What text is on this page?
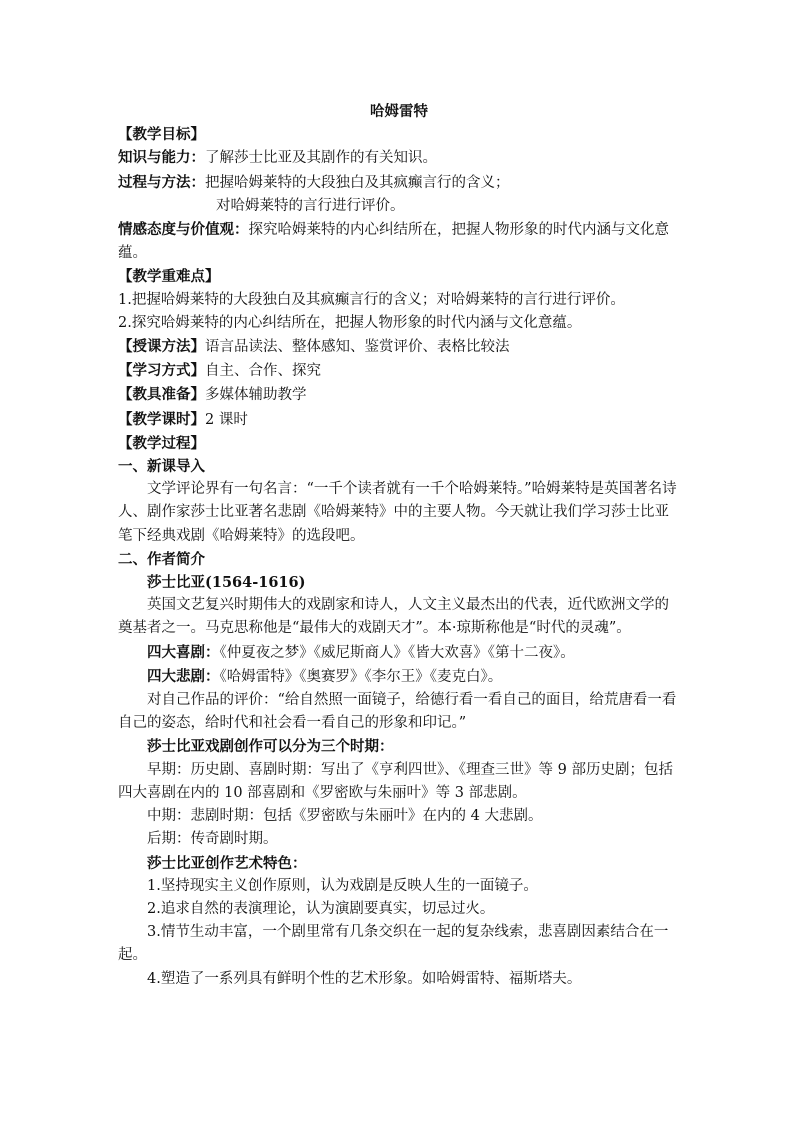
哈姆雷特

【教学目标】

知识与能力：了解莎士比亚及其剧作的有关知识。

过程与方法：把握哈姆莱特的大段独白及其疯癫言行的含义；

对哈姆莱特的言行进行评价。

情感态度与价值观：探究哈姆莱特的内心纠结所在，把握人物形象的时代内涵与文化意蕴。

【教学重难点】

1.把握哈姆莱特的大段独白及其疯癫言行的含义；对哈姆莱特的言行进行评价。

2.探究哈姆莱特的内心纠结所在，把握人物形象的时代内涵与文化意蕴。

【授课方法】语言品读法、整体感知、鉴赏评价、表格比较法

【学习方式】自主、合作、探究

【教具准备】多媒体辅助教学

【教学课时】2 课时

【教学过程】

一、新课导入

文学评论界有一句名言：“一千个读者就有一千个哈姆莱特。”哈姆莱特是英国著名诗人、剧作家莎士比亚著名悲剧《哈姆莱特》中的主要人物。今天就让我们学习莎士比亚笔下经典戏剧《哈姆莱特》的选段吧。

二、作者简介

莎士比亚(1564-1616)

英国文艺复兴时期伟大的戏剧家和诗人，人文主义最杰出的代表，近代欧洲文学的奠基者之一。马克思称他是“最伟大的戏剧天才”。本·琼斯称他是“时代的灵魂”。

四大喜剧：《仲夏夜之梦》《威尼斯商人》《皆大欢喜》《第十二夜》。

四大悲剧：《哈姆雷特》《奥赛罗》《李尔王》《麦克白》。

对自己作品的评价：“给自然照一面镜子，给德行看一看自己的面目，给荒唐看一看自己的姿态，给时代和社会看一看自己的形象和印记。”

莎士比亚戏剧创作可以分为三个时期：

早期：历史剧、喜剧时期：写出了《亨利四世》、《理查三世》等 9 部历史剧；包括四大喜剧在内的 10 部喜剧和《罗密欧与朱丽叶》等 3 部悲剧。

中期：悲剧时期：包括《罗密欧与朱丽叶》在内的 4 大悲剧。

后期：传奇剧时期。

莎士比亚创作艺术特色：

1.坚持现实主义创作原则，认为戏剧是反映人生的一面镜子。

2.追求自然的表演理论，认为演剧要真实，切忌过火。

3.情节生动丰富，一个剧里常有几条交织在一起的复杂线索，悲喜剧因素结合在一起。

4.塑造了一系列具有鲜明个性的艺术形象。如哈姆雷特、福斯塔夫。
